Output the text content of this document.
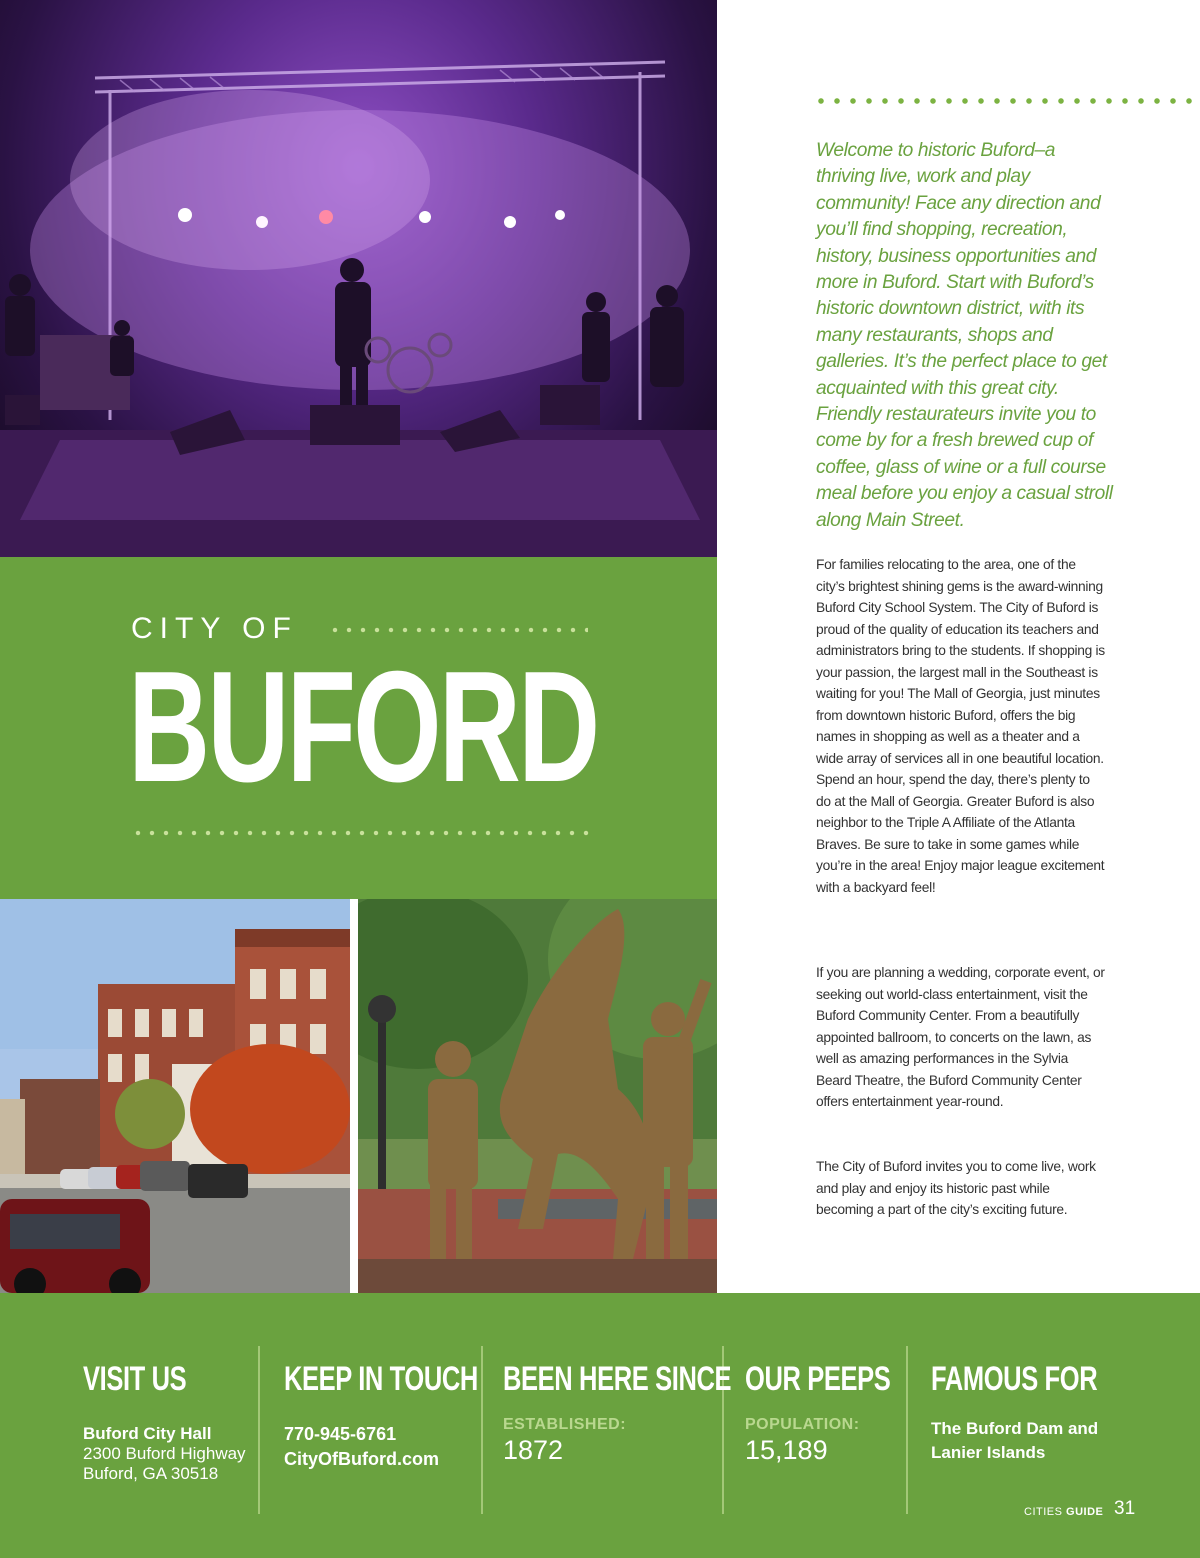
CITY OF
BUFORD

Welcome to historic Buford–a thriving live, work and play community! Face any direction and you’ll find shopping, recreation, history, business opportunities and more in Buford. Start with Buford’s historic downtown district, with its many restaurants, shops and galleries. It’s the perfect place to get acquainted with this great city. Friendly restaurateurs invite you to come by for a fresh brewed cup of coffee, glass of wine or a full course meal before you enjoy a casual stroll along Main Street.

For families relocating to the area, one of the city’s brightest shining gems is the award-winning Buford City School System. The City of Buford is proud of the quality of education its teachers and administrators bring to the students. If shopping is your passion, the largest mall in the Southeast is waiting for you! The Mall of Georgia, just minutes from downtown historic Buford, offers the big names in shopping as well as a theater and a wide array of services all in one beautiful location. Spend an hour, spend the day, there’s plenty to do at the Mall of Georgia. Greater Buford is also neighbor to the Triple A Affiliate of the Atlanta Braves. Be sure to take in some games while you’re in the area! Enjoy major league excitement with a backyard feel!

If you are planning a wedding, corporate event, or seeking out world-class entertainment, visit the Buford Community Center. From a beautifully appointed ballroom, to concerts on the lawn, as well as amazing performances in the Sylvia Beard Theatre, the Buford Community Center offers entertainment year-round.

The City of Buford invites you to come live, work and play and enjoy its historic past while becoming a part of the city’s exciting future.

VISIT US
Buford City Hall
2300 Buford Highway
Buford, GA 30518
KEEP IN TOUCH
770-945-6761
CityOfBuford.com
BEEN HERE SINCE
ESTABLISHED:
1872
OUR PEEPS
POPULATION:
15,189
FAMOUS FOR
The Buford Dam and
Lanier Islands
CITIES GUIDE 31
